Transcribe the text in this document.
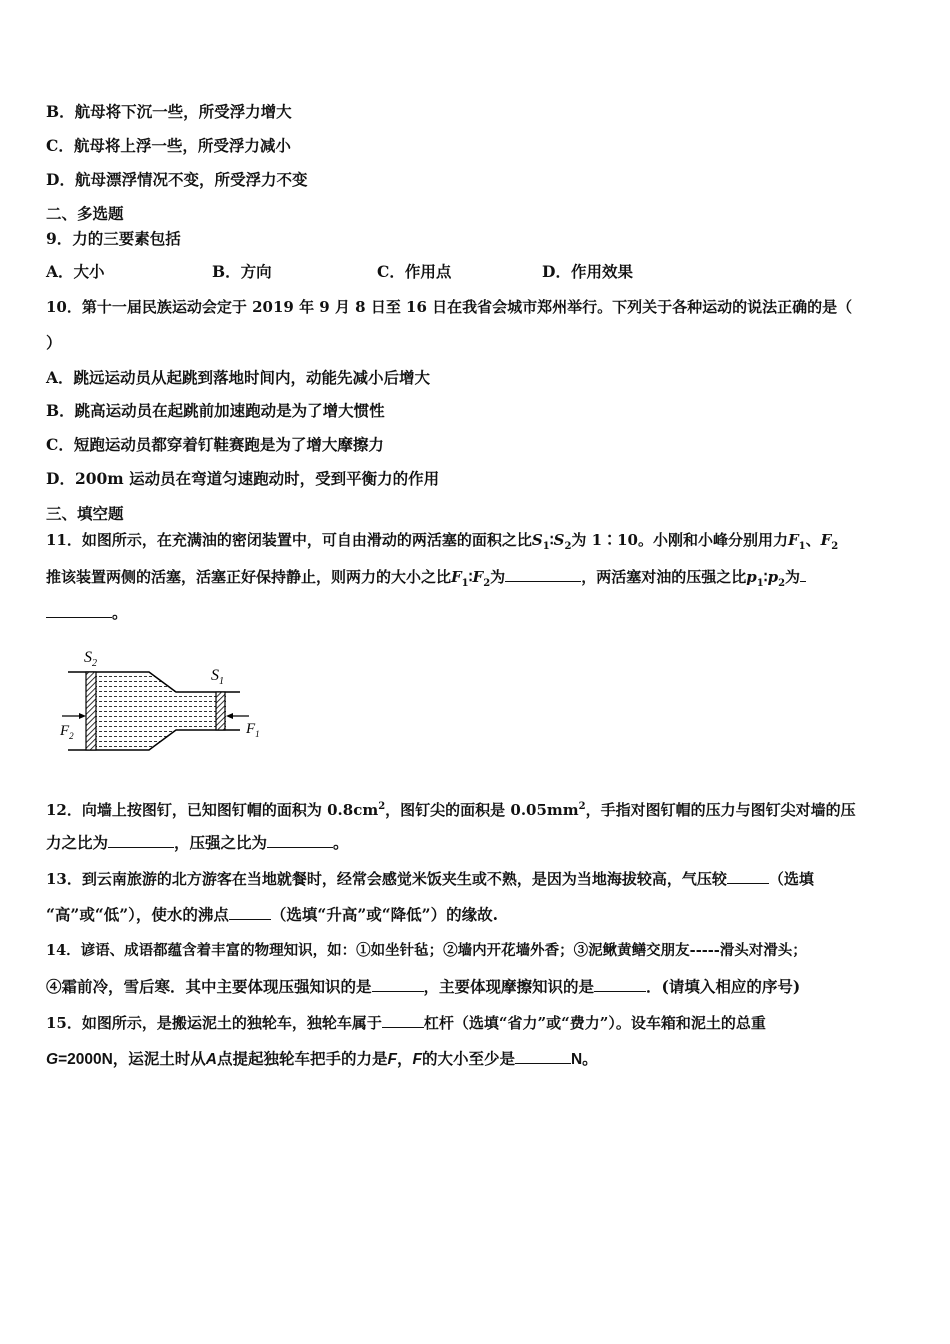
B．航母将下沉一些，所受浮力增大
C．航母将上浮一些，所受浮力减小
D．航母漂浮情况不变，所受浮力不变
二、多选题
9．力的三要素包括
A．大小	B．方向	C．作用点	D．作用效果
10．第十一届民族运动会定于 2019 年 9 月 8 日至 16 日在我省会城市郑州举行。下列关于各种运动的说法正确的是（
）
A．跳远运动员从起跳到落地时间内，动能先减小后增大
B．跳高运动员在起跳前加速跑动是为了增大惯性
C．短跑运动员都穿着钉鞋赛跑是为了增大摩擦力
D．200m 运动员在弯道匀速跑动时，受到平衡力的作用
三、填空题
11．如图所示，在充满油的密闭装置中，可自由滑动的两活塞的面积之比$S_1∶S_2$为 1∶10。小刚和小峰分别用力$F_1$、$F_2$
推该装置两侧的活塞，活塞正好保持静止，则两力的大小之比$F_1∶F_2$为	，两活塞对油的压强之比$p_1∶p_2$为
。
$S_2$
$S_1$
$F_2$	$F_1$
12．向墙上按图钉，已知图钉帽的面积为 $0.8cm^2$，图钉尖的面积是 $0.05mm^2$，手指对图钉帽的压力与图钉尖对墙的压
力之比为	，压强之比为	。
13．到云南旅游的北方游客在当地就餐时，经常会感觉米饭夹生或不熟，是因为当地海拔较高，气压较	（选填
“高”或“低”），使水的沸点	（选填“升高”或“降低”）的缘故.
14．谚语、成语都蕴含着丰富的物理知识，如：①如坐针毡；②墙内开花墙外香；③泥鳅黄鳝交朋友-----滑头对滑头；
④霜前冷，雪后寒．其中主要体现压强知识的是	，主要体现摩擦知识的是	．(请填入相应的序号)
15．如图所示，是搬运泥土的独轮车，独轮车属于	杠杆（选填“省力”或“费力”）。设车箱和泥土的总重
G=2000N，运泥土时从A点提起独轮车把手的力是F，F的大小至少是	N。
